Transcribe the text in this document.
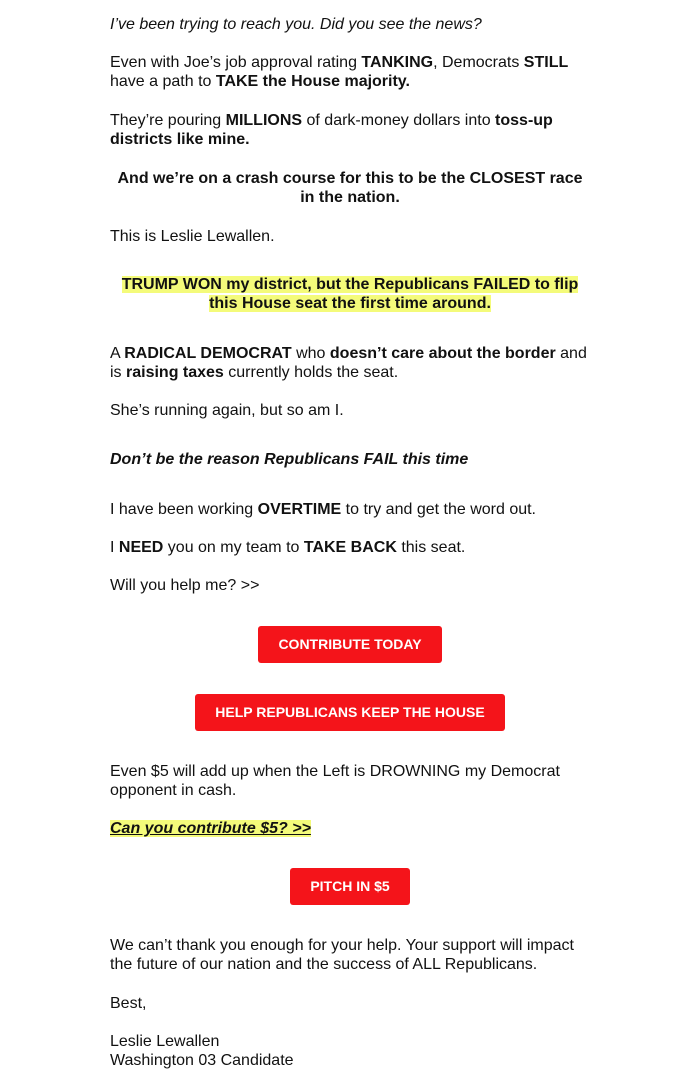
I’ve been trying to reach you. Did you see the news?

Even with Joe’s job approval rating TANKING, Democrats STILL have a path to TAKE the House majority.

They’re pouring MILLIONS of dark-money dollars into toss-up districts like mine.

And we’re on a crash course for this to be the CLOSEST race in the nation.

This is Leslie Lewallen.

TRUMP WON my district, but the Republicans FAILED to flip this House seat the first time around.

A RADICAL DEMOCRAT who doesn’t care about the border and is raising taxes currently holds the seat.

She’s running again, but so am I.

Don’t be the reason Republicans FAIL this time

I have been working OVERTIME to try and get the word out.

I NEED you on my team to TAKE BACK this seat.

Will you help me? >>

CONTRIBUTE TODAY
HELP REPUBLICANS KEEP THE HOUSE

Even $5 will add up when the Left is DROWNING my Democrat opponent in cash.

Can you contribute $5? >>

PITCH IN $5

We can’t thank you enough for your help. Your support will impact the future of our nation and the success of ALL Republicans.

Best,

Leslie Lewallen

Washington 03 Candidate
